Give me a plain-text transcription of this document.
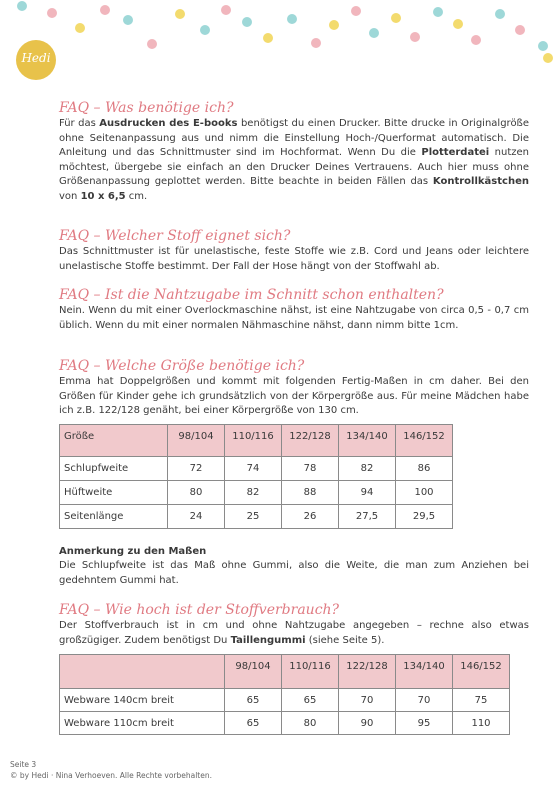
Hedi
FAQ – Was benötige ich?
Für das Ausdrucken des E-books benötigst du einen Drucker. Bitte drucke in Originalgröße ohne Seitenanpassung aus und nimm die Einstellung Hoch-/Querformat automatisch. Die Anleitung und das Schnittmuster sind im Hochformat. Wenn Du die Plotterdatei nutzen möchtest, übergebe sie einfach an den Drucker Deines Vertrauens. Auch hier muss ohne Größenanpassung geplottet werden. Bitte beachte in beiden Fällen das Kontrollkästchen von 10 x 6,5 cm.
FAQ – Welcher Stoff eignet sich?
Das Schnittmuster ist für unelastische, feste Stoffe wie z.B. Cord und Jeans oder leichtere unelastische Stoffe bestimmt. Der Fall der Hose hängt von der Stoffwahl ab.
FAQ – Ist die Nahtzugabe im Schnitt schon enthalten?
Nein. Wenn du mit einer Overlockmaschine nähst, ist eine Nahtzugabe von circa 0,5 - 0,7 cm üblich. Wenn du mit einer normalen Nähmaschine nähst, dann nimm bitte 1cm.
FAQ – Welche Größe benötige ich?
Emma hat Doppelgrößen und kommt mit folgenden Fertig-Maßen in cm daher. Bei den Größen für Kinder gehe ich grundsätzlich von der Körpergröße aus. Für meine Mädchen habe ich z.B. 122/128 genäht, bei einer Körpergröße von 130 cm.
Größe	98/104	110/116	122/128	134/140	146/152
Schlupfweite	72	74	78	82	86
Hüftweite	80	82	88	94	100
Seitenlänge	24	25	26	27,5	29,5
Anmerkung zu den Maßen
Die Schlupfweite ist das Maß ohne Gummi, also die Weite, die man zum Anziehen bei gedehntem Gummi hat.
FAQ – Wie hoch ist der Stoffverbrauch?
Der Stoffverbrauch ist in cm und ohne Nahtzugabe angegeben – rechne also etwas großzügiger. Zudem benötigst Du Taillengummi (siehe Seite 5).
	98/104	110/116	122/128	134/140	146/152
Webware 140cm breit	65	65	70	70	75
Webware 110cm breit	65	80	90	95	110
Seite 3
© by Hedi · Nina Verhoeven. Alle Rechte vorbehalten.
